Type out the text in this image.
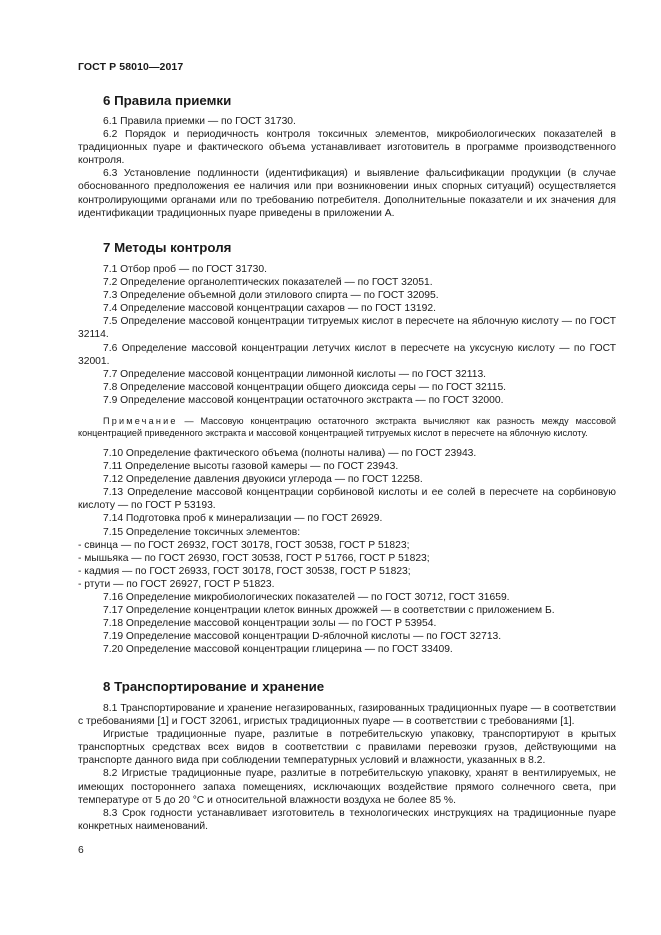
ГОСТ Р 58010—2017
6 Правила приемки

6.1 Правила приемки — по ГОСТ 31730.

6.2 Порядок и периодичность контроля токсичных элементов, микробиологических показателей в традиционных пуаре и фактического объема устанавливает изготовитель в программе производственного контроля.

6.3 Установление подлинности (идентификация) и выявление фальсификации продукции (в случае обоснованного предположения ее наличия или при возникновении иных спорных ситуаций) осуществляется контролирующими органами или по требованию потребителя. Дополнительные показатели и их значения для идентификации традиционных пуаре приведены в приложении А.

7 Методы контроля

7.1 Отбор проб — по ГОСТ 31730.

7.2 Определение органолептических показателей — по ГОСТ 32051.

7.3 Определение объемной доли этилового спирта — по ГОСТ 32095.

7.4 Определение массовой концентрации сахаров — по ГОСТ 13192.

7.5 Определение массовой концентрации титруемых кислот в пересчете на яблочную кислоту — по ГОСТ 32114.

7.6 Определение массовой концентрации летучих кислот в пересчете на уксусную кислоту — по ГОСТ 32001.

7.7 Определение массовой концентрации лимонной кислоты — по ГОСТ 32113.

7.8 Определение массовой концентрации общего диоксида серы — по ГОСТ 32115.

7.9 Определение массовой концентрации остаточного экстракта — по ГОСТ 32000.

Примечание — Массовую концентрацию остаточного экстракта вычисляют как разность между массовой концентрацией приведенного экстракта и массовой концентрацией титруемых кислот в пересчете на яблочную кислоту.

7.10 Определение фактического объема (полноты налива) — по ГОСТ 23943.

7.11 Определение высоты газовой камеры — по ГОСТ 23943.

7.12 Определение давления двуокиси углерода — по ГОСТ 12258.

7.13 Определение массовой концентрации сорбиновой кислоты и ее солей в пересчете на сорбиновую кислоту — по ГОСТ Р 53193.

7.14 Подготовка проб к минерализации — по ГОСТ 26929.

7.15 Определение токсичных элементов:

- свинца — по ГОСТ 26932, ГОСТ 30178, ГОСТ 30538, ГОСТ Р 51823;

- мышьяка — по ГОСТ 26930, ГОСТ 30538, ГОСТ Р 51766, ГОСТ Р 51823;

- кадмия — по ГОСТ 26933, ГОСТ 30178, ГОСТ 30538, ГОСТ Р 51823;

- ртути — по ГОСТ 26927, ГОСТ Р 51823.

7.16 Определение микробиологических показателей — по ГОСТ 30712, ГОСТ 31659.

7.17 Определение концентрации клеток винных дрожжей — в соответствии с приложением Б.

7.18 Определение массовой концентрации золы — по ГОСТ Р 53954.

7.19 Определение массовой концентрации D-яблочной кислоты — по ГОСТ 32713.

7.20 Определение массовой концентрации глицерина — по ГОСТ 33409.

8 Транспортирование и хранение

8.1 Транспортирование и хранение негазированных, газированных традиционных пуаре — в соответствии с требованиями [1] и ГОСТ 32061, игристых традиционных пуаре — в соответствии с требованиями [1].

Игристые традиционные пуаре, разлитые в потребительскую упаковку, транспортируют в крытых транспортных средствах всех видов в соответствии с правилами перевозки грузов, действующими на транспорте данного вида при соблюдении температурных условий и влажности, указанных в 8.2.

8.2 Игристые традиционные пуаре, разлитые в потребительскую упаковку, хранят в вентилируемых, не имеющих постороннего запаха помещениях, исключающих воздействие прямого солнечного света, при температуре от 5 до 20 °С и относительной влажности воздуха не более 85 %.

8.3 Срок годности устанавливает изготовитель в технологических инструкциях на традиционные пуаре конкретных наименований.

6
